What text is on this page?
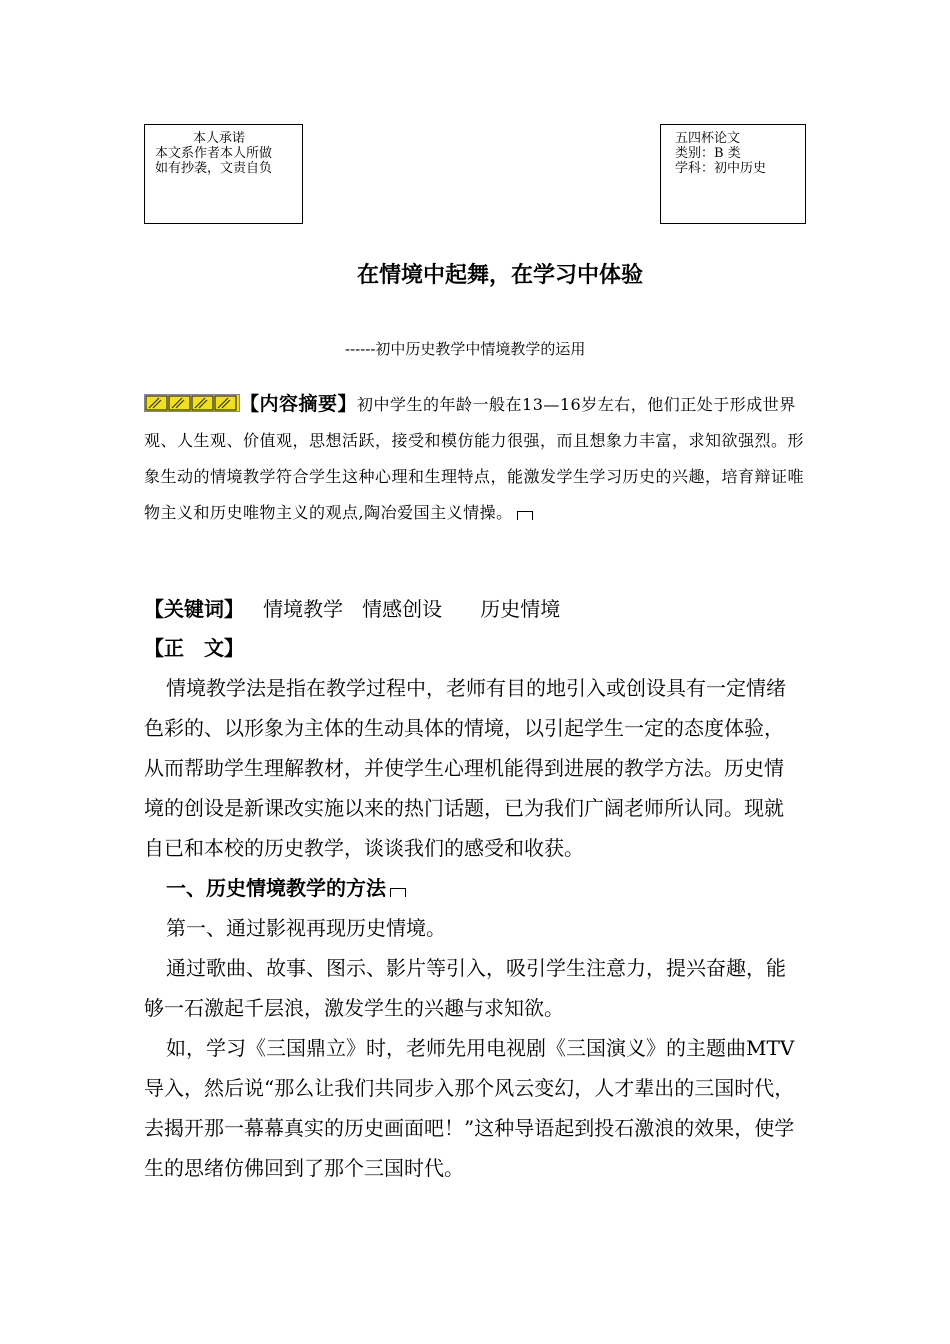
本人承诺
本文系作者本人所做
如有抄袭，文责自负
五四杯论文
类别：B 类
学科：初中历史
在情境中起舞，在学习中体验
------初中历史教学中情境教学的运用
【内容摘要】初中学生的年龄一般在13—16岁左右，他们正处于形成世界观、人生观、价值观，思想活跃，接受和模仿能力很强，而且想象力丰富，求知欲强烈。形象生动的情境教学符合学生这种心理和生理特点，能激发学生学习历史的兴趣，培育辩证唯物主义和历史唯物主义的观点,陶冶爱国主义情操。
【关键词】   情境教学   情感创设      历史情境
【正　文】

情境教学法是指在教学过程中，老师有目的地引入或创设具有一定情绪色彩的、以形象为主体的生动具体的情境，以引起学生一定的态度体验，从而帮助学生理解教材，并使学生心理机能得到进展的教学方法。历史情境的创设是新课改实施以来的热门话题，已为我们广阔老师所认同。现就自已和本校的历史教学，谈谈我们的感受和收获。

一、历史情境教学的方法

第一、通过影视再现历史情境。

通过歌曲、故事、图示、影片等引入，吸引学生注意力，提兴奋趣，能够一石激起千层浪，激发学生的兴趣与求知欲。

如，学习《三国鼎立》时，老师先用电视剧《三国演义》的主题曲MTV导入，然后说“那么让我们共同步入那个风云变幻，人才辈出的三国时代，去揭开那一幕幕真实的历史画面吧！”这种导语起到投石激浪的效果，使学生的思绪仿佛回到了那个三国时代。
